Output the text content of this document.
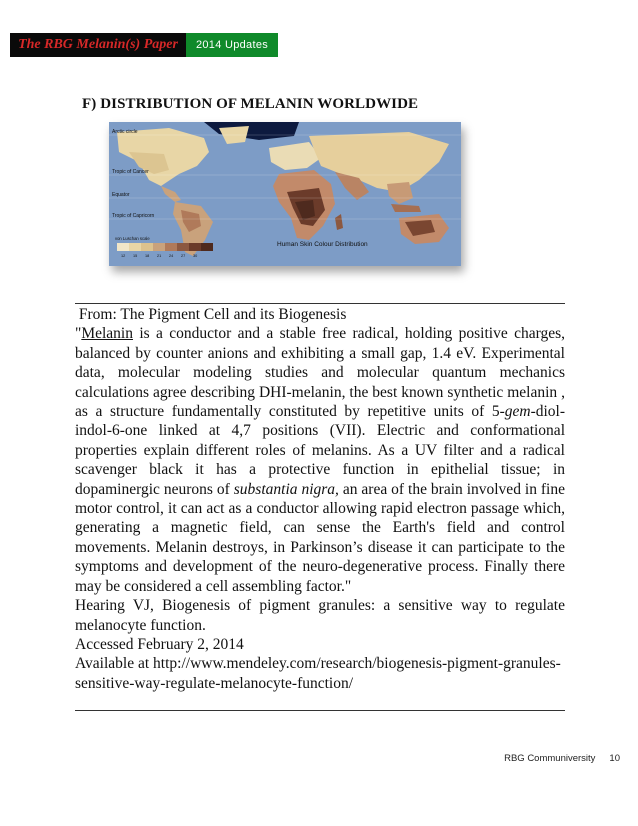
The RBG Melanin(s) Paper	2014 Updates
F) DISTRIBUTION OF MELANIN WORLDWIDE
Arctic circle
Tropic of Cancer
Equator
Tropic of Capricorn
Human Skin Colour Distribution
von Luschan scale
12 15 18 21 24 27 30

From: The Pigment Cell and its Biogenesis

"Melanin is a conductor and a stable free radical, holding positive charges, balanced by counter anions and exhibiting a small gap, 1.4 eV. Experimental data, molecular modeling studies and molecular quantum mechanics calculations agree describing DHI-melanin, the best known synthetic melanin , as a structure fundamentally constituted by repetitive units of 5-gem-diol-indol-6-one linked at 4,7 positions (VII). Electric and conformational properties explain different roles of melanins. As a UV filter and a radical scavenger black it has a protective function in epithelial tissue; in dopaminergic neurons of substantia nigra, an area of the brain involved in fine motor control, it can act as a conductor allowing rapid electron passage which, generating a magnetic field, can sense the Earth's field and control movements. Melanin destroys, in Parkinson’s disease it can participate to the symptoms and development of the neuro-degenerative process. Finally there may be considered a cell assembling factor."

Hearing VJ, Biogenesis of pigment granules: a sensitive way to regulate melanocyte function.

Accessed February 2, 2014

Available at http://www.mendeley.com/research/biogenesis-pigment-granules-sensitive-way-regulate-melanocyte-function/

RBG Communiversity 10
